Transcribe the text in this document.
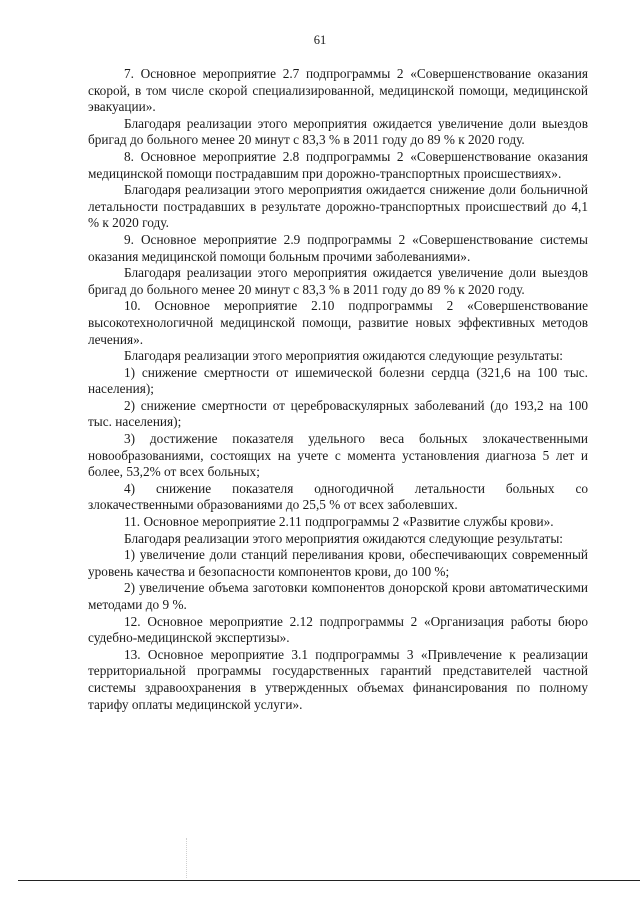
61

7. Основное мероприятие 2.7 подпрограммы 2 «Совершенствование оказания скорой, в том числе скорой специализированной, медицинской помощи, медицинской эвакуации».

Благодаря реализации этого мероприятия ожидается увеличение доли выездов бригад до больного менее 20 минут с 83,3 % в 2011 году до 89 % к 2020 году.

8. Основное мероприятие 2.8 подпрограммы 2 «Совершенствование оказания медицинской помощи пострадавшим при дорожно-транспортных происшествиях».

Благодаря реализации этого мероприятия ожидается снижение доли больничной летальности пострадавших в результате дорожно-транспортных происшествий до 4,1 % к 2020 году.

9. Основное мероприятие 2.9 подпрограммы 2 «Совершенствование системы оказания медицинской помощи больным прочими заболеваниями».

Благодаря реализации этого мероприятия ожидается увеличение доли выездов бригад до больного менее 20 минут с 83,3 % в 2011 году до 89 % к 2020 году.

10. Основное мероприятие 2.10 подпрограммы 2 «Совершенствование высокотехнологичной медицинской помощи, развитие новых эффективных методов лечения».

Благодаря реализации этого мероприятия ожидаются следующие результаты:

1) снижение смертности от ишемической болезни сердца (321,6 на 100 тыс. населения);

2) снижение смертности от цереброваскулярных заболеваний (до 193,2 на 100 тыс. населения);

3) достижение показателя удельного веса больных злокачественными новообразованиями, состоящих на учете с момента установления диагноза 5 лет и более, 53,2% от всех больных;

4) снижение показателя одногодичной летальности больных со злокачественными образованиями до 25,5 % от всех заболевших.

11. Основное мероприятие 2.11 подпрограммы 2 «Развитие службы крови».

Благодаря реализации этого мероприятия ожидаются следующие результаты:

1) увеличение доли станций переливания крови, обеспечивающих современный уровень качества и безопасности компонентов крови, до 100 %;

2) увеличение объема заготовки компонентов донорской крови автоматическими методами до 9 %.

12. Основное мероприятие 2.12 подпрограммы 2 «Организация работы бюро судебно-медицинской экспертизы».

13. Основное мероприятие 3.1 подпрограммы 3 «Привлечение к реализации территориальной программы государственных гарантий представителей частной системы здравоохранения в утвержденных объемах финансирования по полному тарифу оплаты медицинской услуги».
